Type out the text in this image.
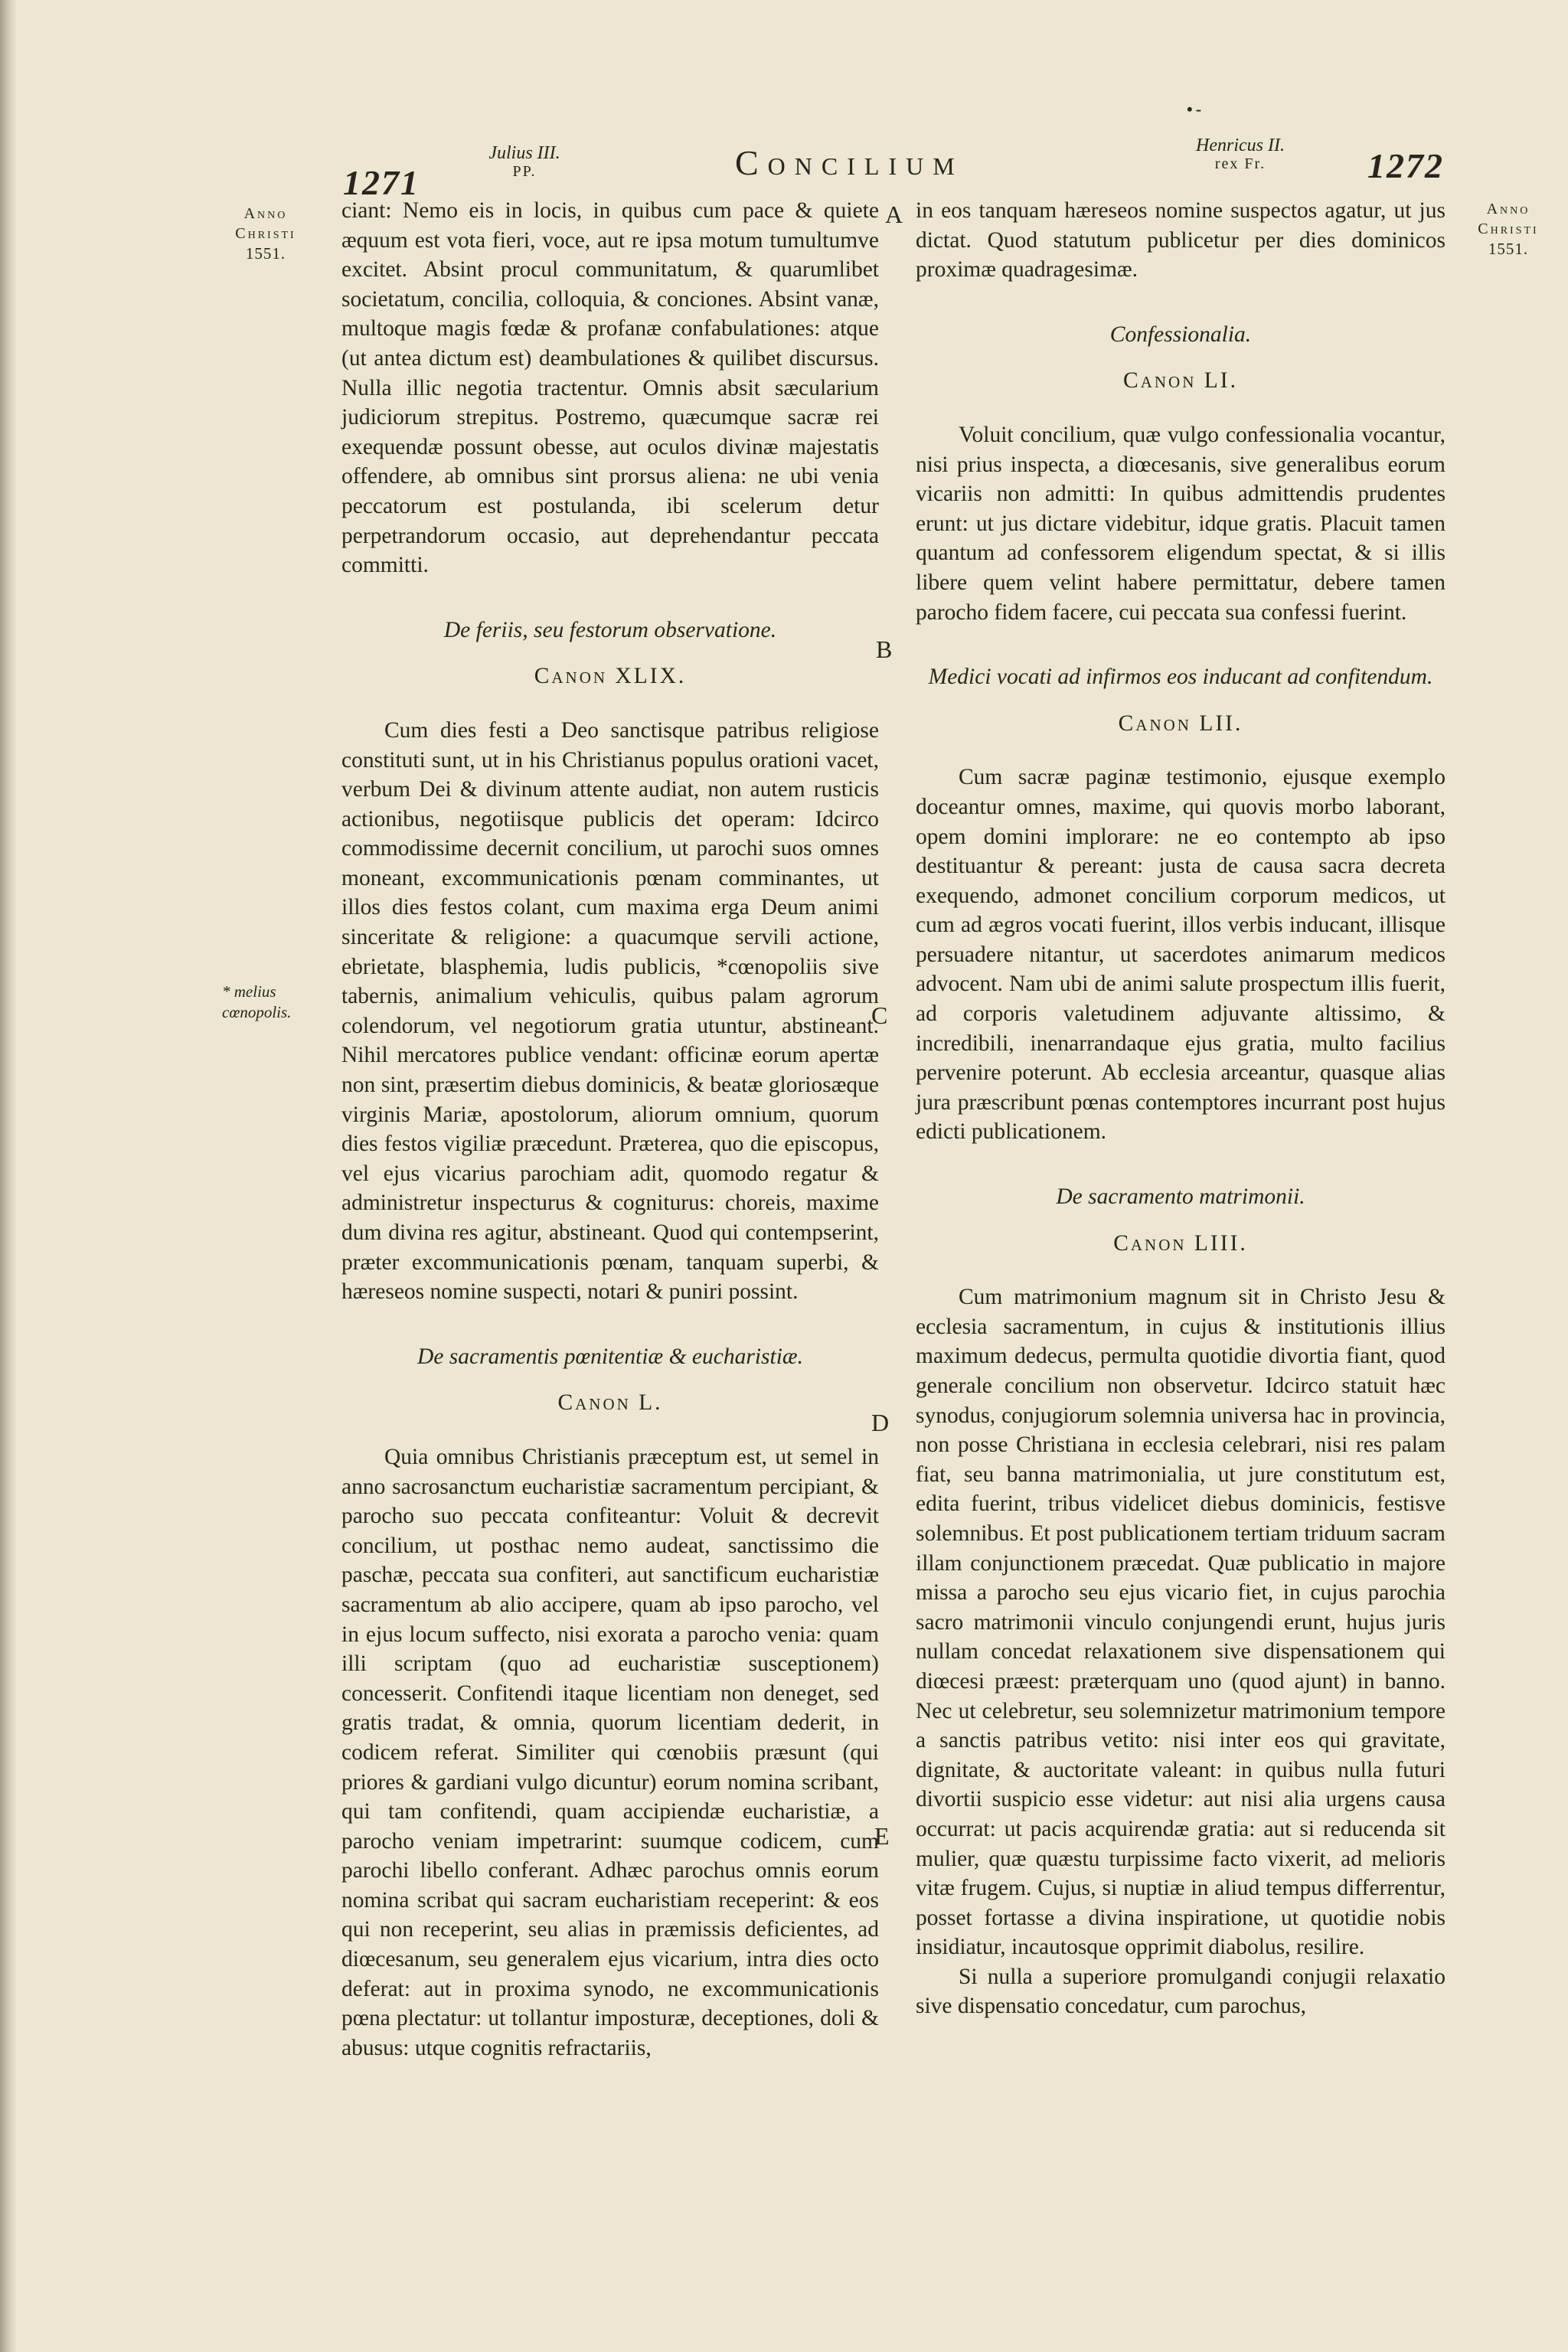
1271
Julius III.
PP.	Concilium	Henricus II.
rex Fr.	1272
•-
Anno
Christi
1551.
Anno
Christi
1551.
* melius cœnopolis.
A
B
C
D
E

ciant: Nemo eis in locis, in quibus cum pace & quiete æquum est vota fieri, voce, aut re ipsa motum tumultumve excitet. Absint procul communitatum, & quarumlibet societatum, concilia, colloquia, & conciones. Absint vanæ, multoque magis fœdæ & profanæ confabulationes: atque (ut antea dictum est) deambulationes & quilibet discursus. Nulla illic negotia tractentur. Omnis absit sæcularium judiciorum strepitus. Postremo, quæcumque sacræ rei exequendæ possunt obesse, aut oculos divinæ majestatis offendere, ab omnibus sint prorsus aliena: ne ubi venia peccatorum est postulanda, ibi scelerum detur perpetrandorum occasio, aut deprehendantur peccata committi.

De feriis, seu festorum observatione.
Canon XLIX.

Cum dies festi a Deo sanctisque patribus religiose constituti sunt, ut in his Christianus populus orationi vacet, verbum Dei & divinum attente audiat, non autem rusticis actionibus, negotiisque publicis det operam: Idcirco commodissime decernit concilium, ut parochi suos omnes moneant, excommunicationis pœnam comminantes, ut illos dies festos colant, cum maxima erga Deum animi sinceritate & religione: a quacumque servili actione, ebrietate, blasphemia, ludis publicis, *cœnopoliis sive tabernis, animalium vehiculis, quibus palam agrorum colendorum, vel negotiorum gratia utuntur, abstineant. Nihil mercatores publice vendant: officinæ eorum apertæ non sint, præsertim diebus dominicis, & beatæ gloriosæque virginis Mariæ, apostolorum, aliorum omnium, quorum dies festos vigiliæ præcedunt. Præterea, quo die episcopus, vel ejus vicarius parochiam adit, quomodo regatur & administretur inspecturus & cogniturus: choreis, maxime dum divina res agitur, abstineant. Quod qui contempserint, præter excommunicationis pœnam, tanquam superbi, & hæreseos nomine suspecti, notari & puniri possint.

De sacramentis pœnitentiæ & eucharistiæ.
Canon L.

Quia omnibus Christianis præceptum est, ut semel in anno sacrosanctum eucharistiæ sacramentum percipiant, & parocho suo peccata confiteantur: Voluit & decrevit concilium, ut posthac nemo audeat, sanctissimo die paschæ, peccata sua confiteri, aut sanctificum eucharistiæ sacramentum ab alio accipere, quam ab ipso parocho, vel in ejus locum suffecto, nisi exorata a parocho venia: quam illi scriptam (quo ad eucharistiæ susceptionem) concesserit. Confitendi itaque licentiam non deneget, sed gratis tradat, & omnia, quorum licentiam dederit, in codicem referat. Similiter qui cœnobiis præsunt (qui priores & gardiani vulgo dicuntur) eorum nomina scribant, qui tam confitendi, quam accipiendæ eucharistiæ, a parocho veniam impetrarint: suumque codicem, cum parochi libello conferant. Adhæc parochus omnis eorum nomina scribat qui sacram eucharistiam receperint: & eos qui non receperint, seu alias in præmissis deficientes, ad diœcesanum, seu generalem ejus vicarium, intra dies octo deferat: aut in proxima synodo, ne excommunicationis pœna plectatur: ut tollantur imposturæ, deceptiones, doli & abusus: utque cognitis refractariis,

in eos tanquam hæreseos nomine suspectos agatur, ut jus dictat. Quod statutum publicetur per dies dominicos proximæ quadragesimæ.

Confessionalia.
Canon LI.

Voluit concilium, quæ vulgo confessionalia vocantur, nisi prius inspecta, a diœcesanis, sive generalibus eorum vicariis non admitti: In quibus admittendis prudentes erunt: ut jus dictare videbitur, idque gratis. Placuit tamen quantum ad confessorem eligendum spectat, & si illis libere quem velint habere permittatur, debere tamen parocho fidem facere, cui peccata sua confessi fuerint.

Medici vocati ad infirmos eos inducant ad confitendum.
Canon LII.

Cum sacræ paginæ testimonio, ejusque exemplo doceantur omnes, maxime, qui quovis morbo laborant, opem domini implorare: ne eo contempto ab ipso destituantur & pereant: justa de causa sacra decreta exequendo, admonet concilium corporum medicos, ut cum ad ægros vocati fuerint, illos verbis inducant, illisque persuadere nitantur, ut sacerdotes animarum medicos advocent. Nam ubi de animi salute prospectum illis fuerit, ad corporis valetudinem adjuvante altissimo, & incredibili, inenarrandaque ejus gratia, multo facilius pervenire poterunt. Ab ecclesia arceantur, quasque alias jura præscribunt pœnas contemptores incurrant post hujus edicti publicationem.

De sacramento matrimonii.
Canon LIII.

Cum matrimonium magnum sit in Christo Jesu & ecclesia sacramentum, in cujus & institutionis illius maximum dedecus, permulta quotidie divortia fiant, quod generale concilium non observetur. Idcirco statuit hæc synodus, conjugiorum solemnia universa hac in provincia, non posse Christiana in ecclesia celebrari, nisi res palam fiat, seu banna matrimonialia, ut jure constitutum est, edita fuerint, tribus videlicet diebus dominicis, festisve solemnibus. Et post publicationem tertiam triduum sacram illam conjunctionem præcedat. Quæ publicatio in majore missa a parocho seu ejus vicario fiet, in cujus parochia sacro matrimonii vinculo conjungendi erunt, hujus juris nullam concedat relaxationem sive dispensationem qui diœcesi præest: præterquam uno (quod ajunt) in banno. Nec ut celebretur, seu solemnizetur matrimonium tempore a sanctis patribus vetito: nisi inter eos qui gravitate, dignitate, & auctoritate valeant: in quibus nulla futuri divortii suspicio esse videtur: aut nisi alia urgens causa occurrat: ut pacis acquirendæ gratia: aut si reducenda sit mulier, quæ quæstu turpissime facto vixerit, ad melioris vitæ frugem. Cujus, si nuptiæ in aliud tempus differrentur, posset fortasse a divina inspiratione, ut quotidie nobis insidiatur, incautosque opprimit diabolus, resilire.

Si nulla a superiore promulgandi conjugii relaxatio sive dispensatio concedatur, cum parochus,
